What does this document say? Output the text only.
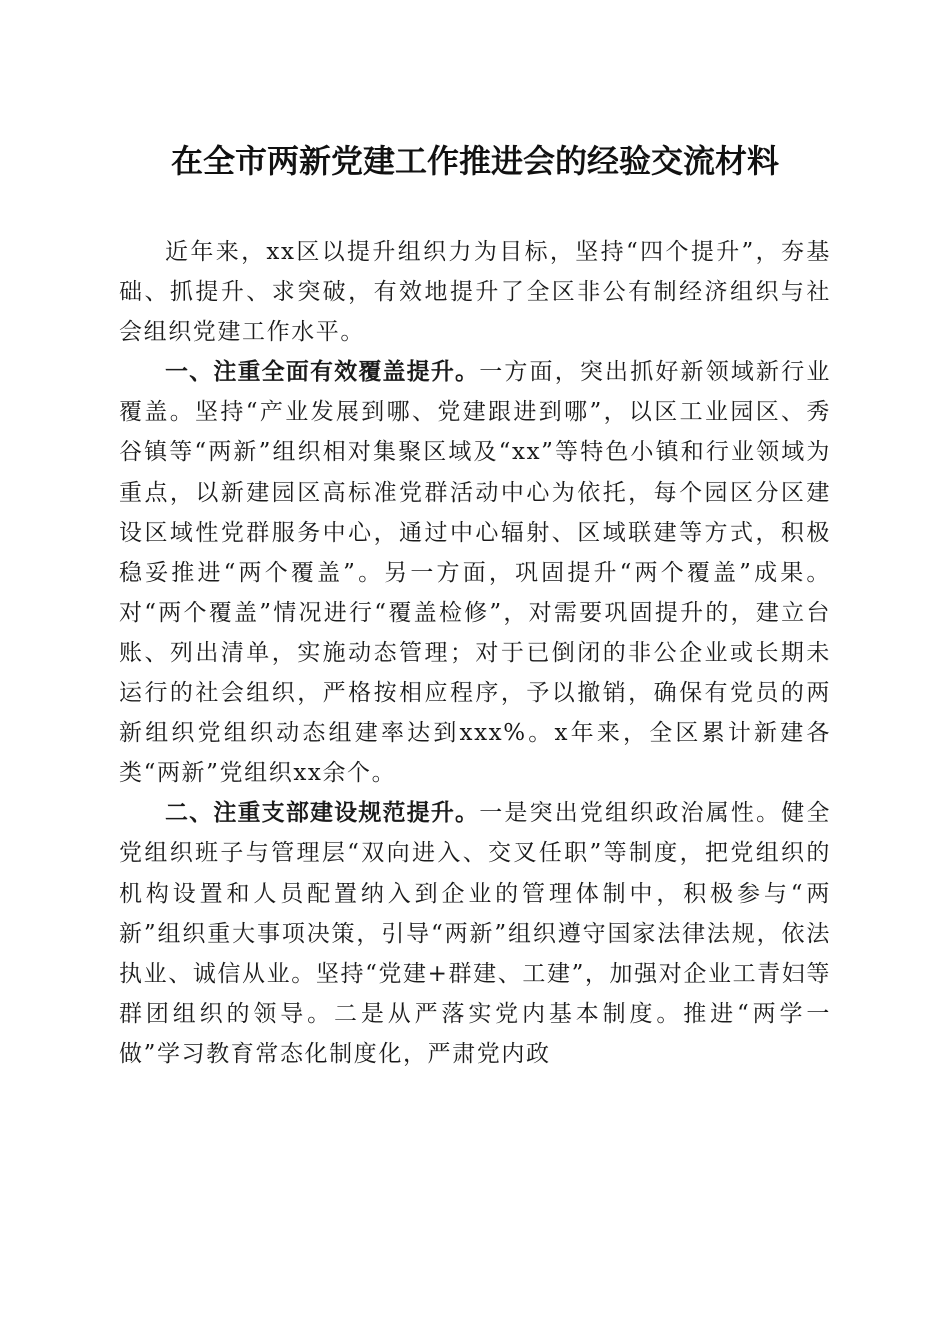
在全市两新党建工作推进会的经验交流材料

近年来，xx区以提升组织力为目标，坚持“四个提升”，夯基础、抓提升、求突破，有效地提升了全区非公有制经济组织与社会组织党建工作水平。

一、注重全面有效覆盖提升。一方面，突出抓好新领域新行业覆盖。坚持“产业发展到哪、党建跟进到哪”，以区工业园区、秀谷镇等“两新”组织相对集聚区域及“xx”等特色小镇和行业领域为重点，以新建园区高标准党群活动中心为依托，每个园区分区建设区域性党群服务中心，通过中心辐射、区域联建等方式，积极稳妥推进“两个覆盖”。另一方面，巩固提升“两个覆盖”成果。对“两个覆盖”情况进行“覆盖检修”，对需要巩固提升的，建立台账、列出清单，实施动态管理；对于已倒闭的非公企业或长期未运行的社会组织，严格按相应程序，予以撤销，确保有党员的两新组织党组织动态组建率达到xxx%。x年来，全区累计新建各类“两新”党组织xx余个。

二、注重支部建设规范提升。一是突出党组织政治属性。健全党组织班子与管理层“双向进入、交叉任职”等制度，把党组织的机构设置和人员配置纳入到企业的管理体制中，积极参与“两新”组织重大事项决策，引导“两新”组织遵守国家法律法规，依法执业、诚信从业。坚持“党建+群建、工建”，加强对企业工青妇等群团组织的领导。二是从严落实党内基本制度。推进“两学一做”学习教育常态化制度化，严肃党内政
